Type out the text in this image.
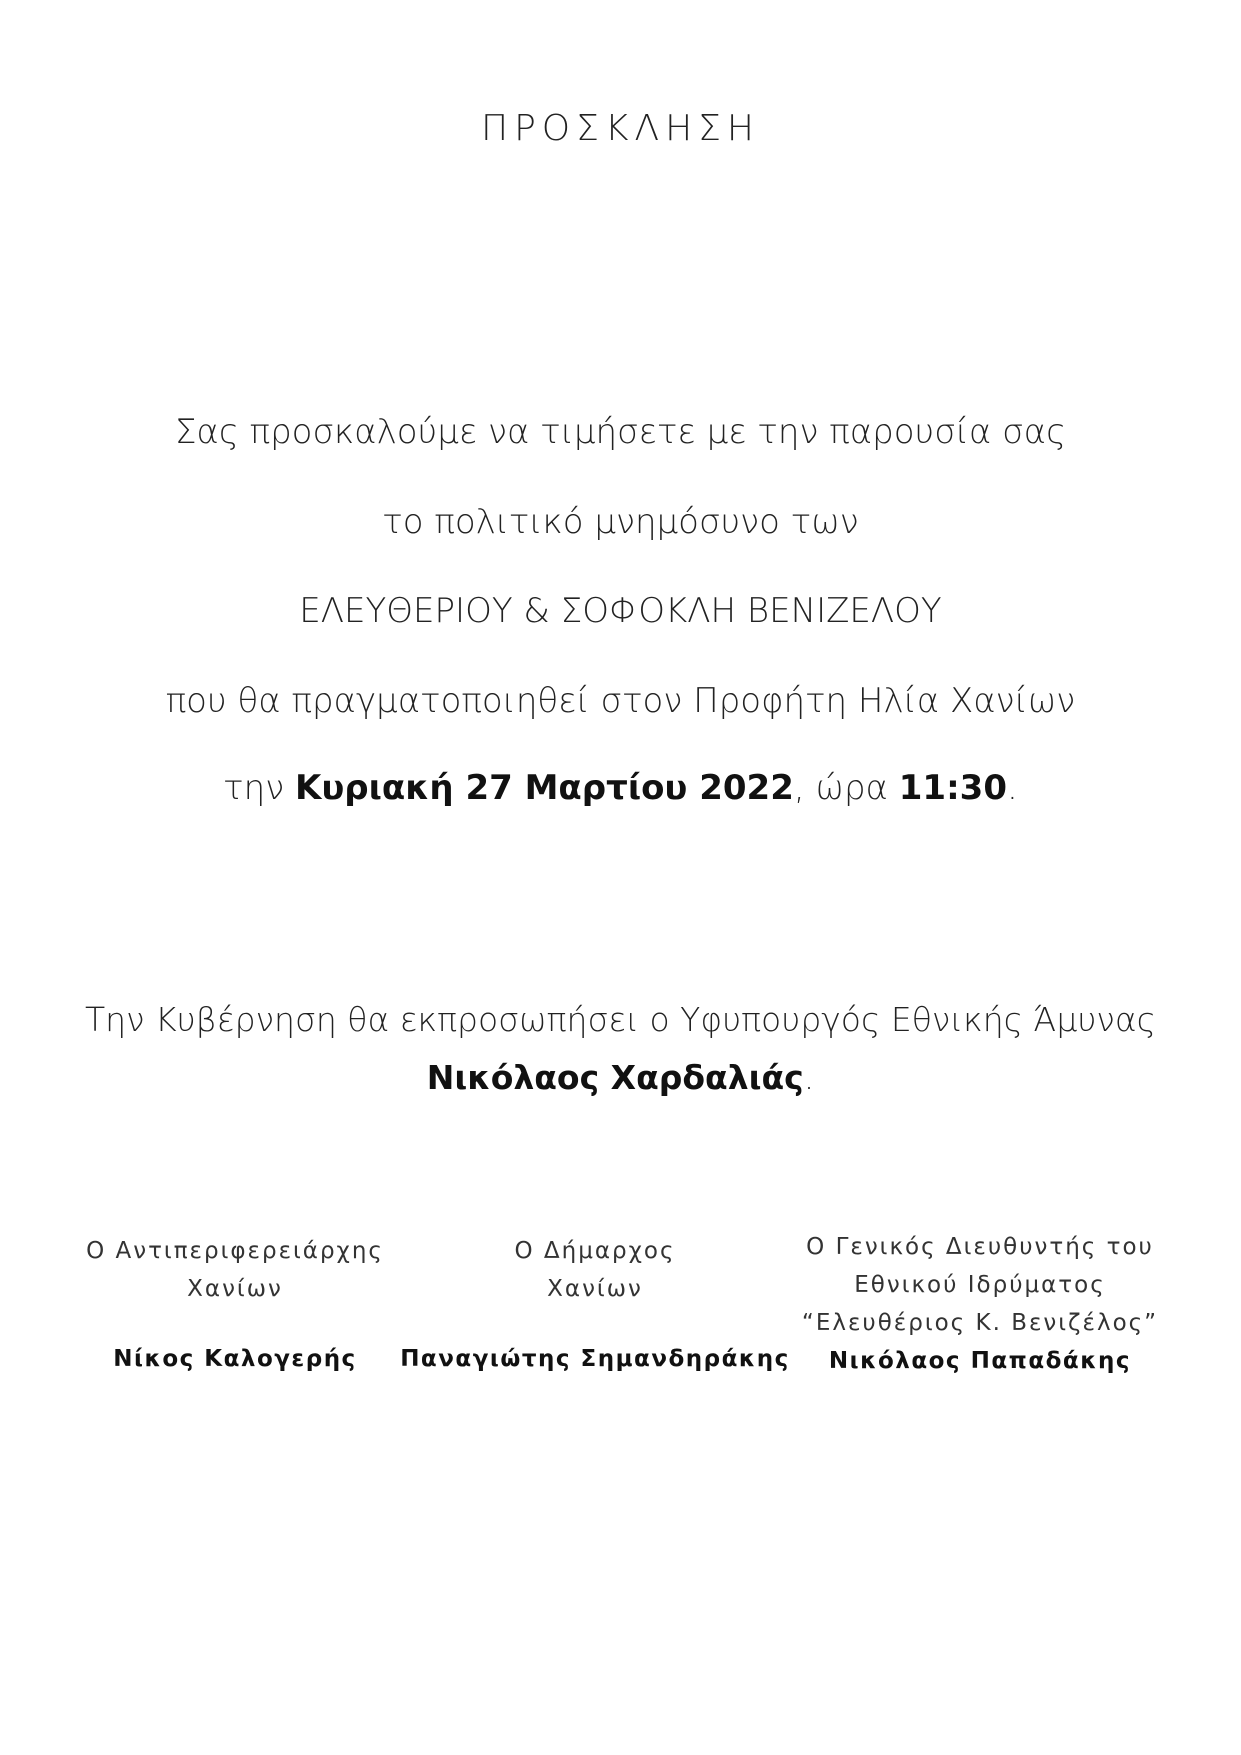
ΠΡΟΣΚΛΗΣΗ
Σας προσκαλούμε να τιμήσετε με την παρουσία σας
το πολιτικό μνημόσυνο των
ΕΛΕΥΘΕΡΙΟΥ & ΣΟΦΟΚΛΗ ΒΕΝΙΖΕΛΟΥ
που θα πραγματοποιηθεί στον Προφήτη Ηλία Χανίων
την Κυριακή 27 Μαρτίου 2022, ώρα 11:30.
Την Κυβέρνηση θα εκπροσωπήσει ο Υφυπουργός Εθνικής Άμυνας
Νικόλαος Χαρδαλιάς.
Ο Αντιπεριφερειάρχης
Χανίων
Νίκος Καλογερής
Ο Δήμαρχος
Χανίων
Παναγιώτης Σημανδηράκης
Ο Γενικός Διευθυντής του
Εθνικού Ιδρύματος
“Ελευθέριος Κ. Βενιζέλος”
Νικόλαος Παπαδάκης
